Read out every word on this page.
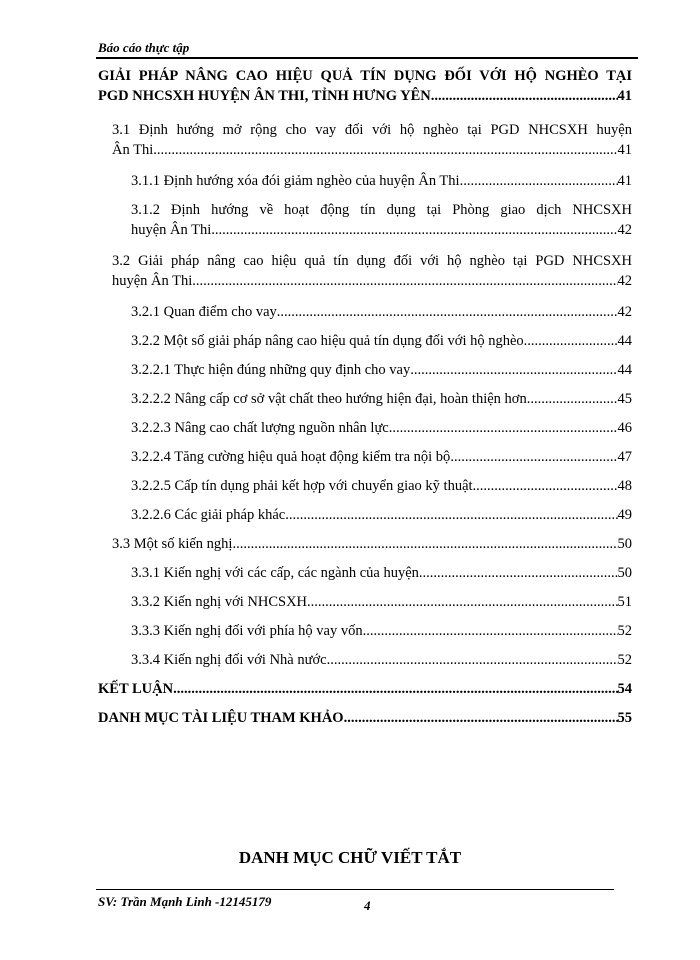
Báo cáo thực tập
GIẢI PHÁP NÂNG CAO HIỆU QUẢ TÍN DỤNG ĐỐI VỚI HỘ NGHÈO TẠI
PGD NHCSXH HUYỆN ÂN THI, TỈNH HƯNG YÊN .....	41
3.1 Định hướng mở rộng cho vay đối với hộ nghèo tại PGD NHCSXH huyện
Ân Thi .....	41
3.1.1 Định hướng xóa đói giảm nghèo của huyện Ân Thi .....	41
3.1.2 Định hướng về hoạt động tín dụng tại Phòng giao dịch NHCSXH
huyện Ân Thi .....	42
3.2 Giải pháp nâng cao hiệu quả tín dụng đối với hộ nghèo tại PGD NHCSXH
huyện Ân Thi .....	42
3.2.1 Quan điểm cho vay .....	42
3.2.2 Một số giải pháp nâng cao hiệu quả tín dụng đối với hộ nghèo .....	44
3.2.2.1 Thực hiện đúng những quy định cho vay .....	44
3.2.2.2 Nâng cấp cơ sở vật chất theo hướng hiện đại, hoàn thiện hơn .....	45
3.2.2.3 Nâng cao chất lượng nguồn nhân lực .....	46
3.2.2.4 Tăng cường hiệu quả hoạt động kiểm tra nội bộ .....	47
3.2.2.5 Cấp tín dụng phải kết hợp với chuyển giao kỹ thuật .....	48
3.2.2.6 Các giải pháp khác .....	49
3.3 Một số kiến nghị .....	50
3.3.1 Kiến nghị với các cấp, các ngành của huyện .....	50
3.3.2 Kiến nghị với NHCSXH .....	51
3.3.3 Kiến nghị đối với phía hộ vay vốn .....	52
3.3.4 Kiến nghị đối với Nhà nước .....	52
KẾT LUẬN .....	54
DANH MỤC TÀI LIỆU THAM KHẢO .....	55
DANH MỤC CHỮ VIẾT TẮT
SV: Trần Mạnh Linh -12145179	4
